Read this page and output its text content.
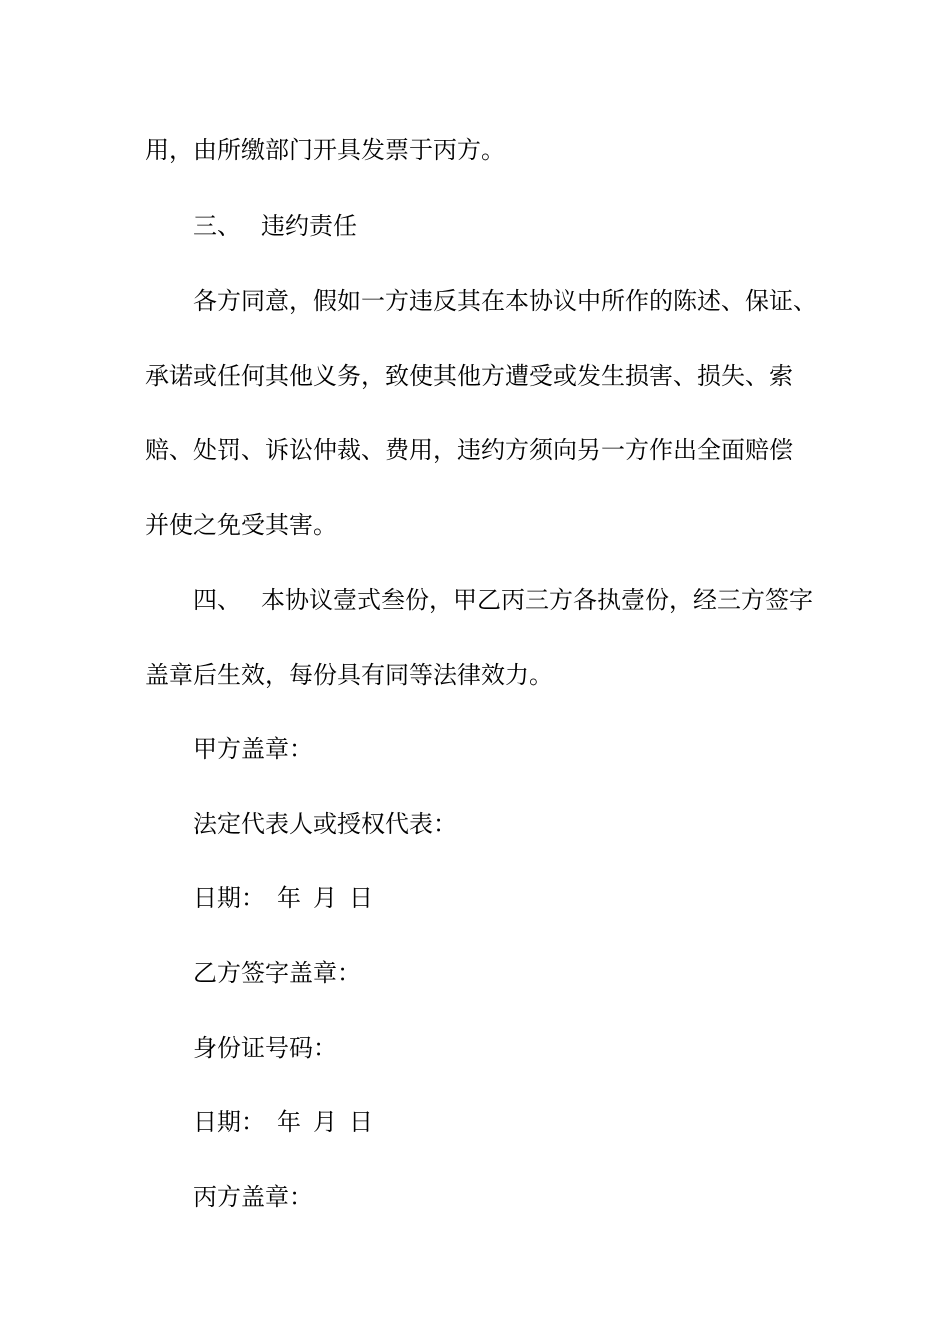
用，由所缴部门开具发票于丙方。
三、 违约责任
各方同意，假如一方违反其在本协议中所作的陈述、保证、
承诺或任何其他义务，致使其他方遭受或发生损害、损失、索
赔、处罚、诉讼仲裁、费用，违约方须向另一方作出全面赔偿
并使之免受其害。
四、 本协议壹式叁份，甲乙丙三方各执壹份，经三方签字
盖章后生效，每份具有同等法律效力。
甲方盖章：
法定代表人或授权代表：
日期： 年 月 日
乙方签字盖章：
身份证号码：
日期： 年 月 日
丙方盖章：
